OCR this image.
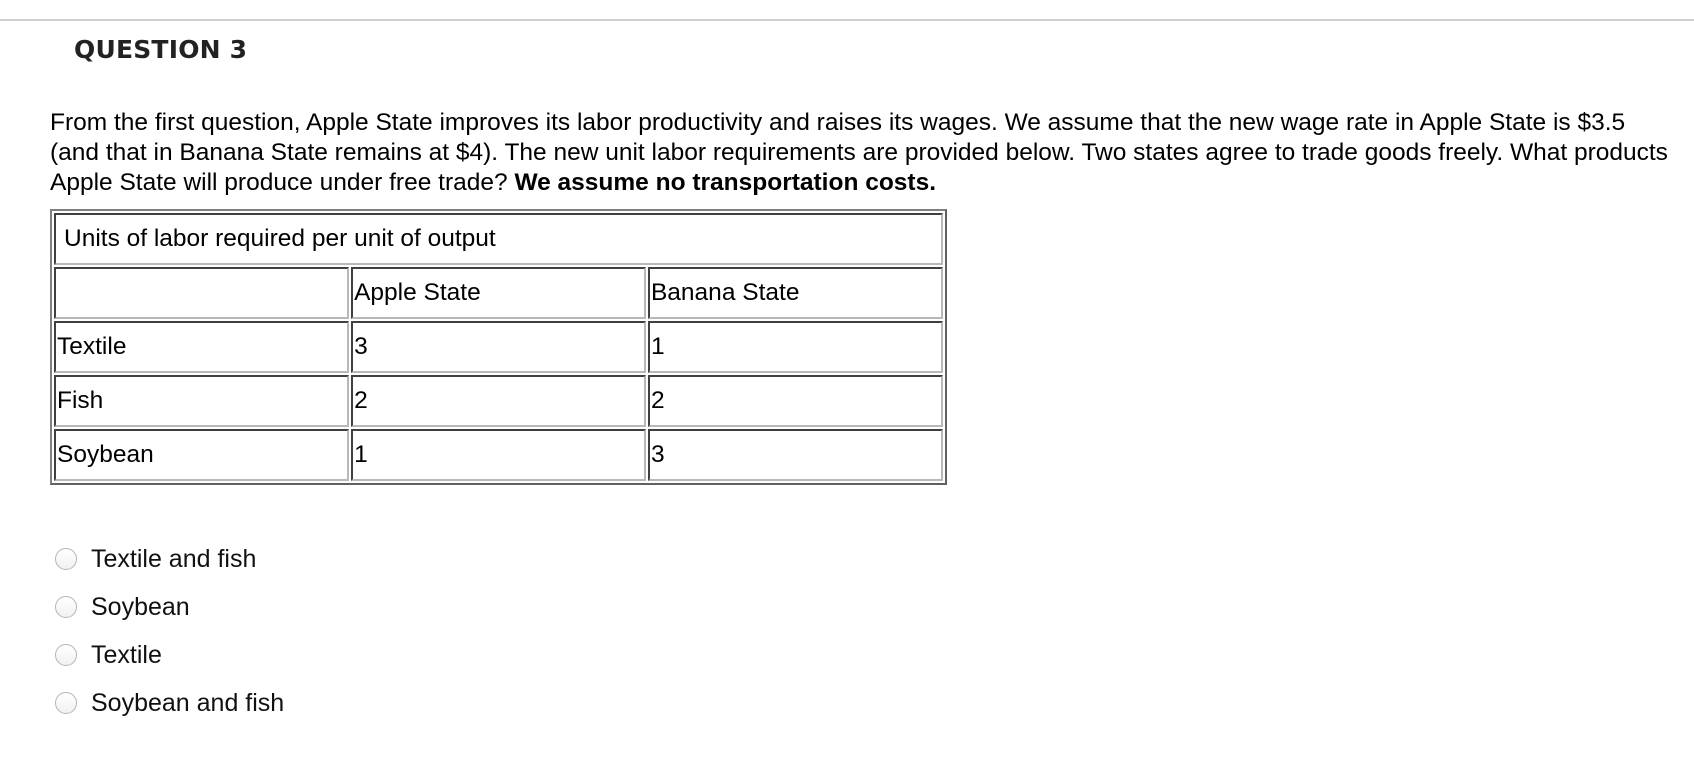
QUESTION 3

From the first question, Apple State improves its labor productivity and raises its wages. We assume that the new wage rate in Apple State is $3.5 (and that in Banana State remains at $4). The new unit labor requirements are provided below. Two states agree to trade goods freely. What products Apple State will produce under free trade? We assume no transportation costs.

Units of labor required per unit of output		
	Apple State	Banana State
Textile	3	1
Fish	2	2
Soybean	1	3
Textile and fish
Soybean
Textile
Soybean and fish
